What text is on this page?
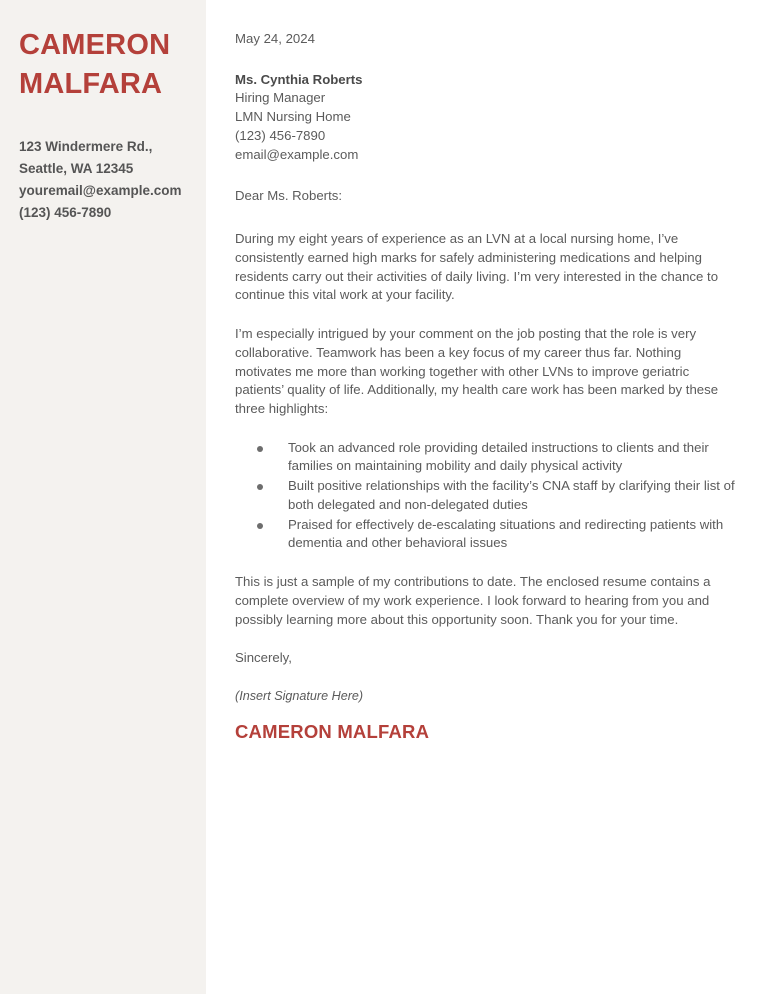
CAMERON
MALFARA
123 Windermere Rd.,
Seattle, WA 12345
youremail@example.com
(123) 456-7890

May 24, 2024

Ms. Cynthia Roberts
Hiring Manager
LMN Nursing Home
(123) 456-7890
email@example.com

Dear Ms. Roberts:

During my eight years of experience as an LVN at a local nursing home, I’ve consistently earned high marks for safely administering medications and helping residents carry out their activities of daily living. I’m very interested in the chance to continue this vital work at your facility.

I’m especially intrigued by your comment on the job posting that the role is very collaborative. Teamwork has been a key focus of my career thus far. Nothing motivates me more than working together with other LVNs to improve geriatric patients’ quality of life. Additionally, my health care work has been marked by these three highlights:

Took an advanced role providing detailed instructions to clients and their families on maintaining mobility and daily physical activity
Built positive relationships with the facility’s CNA staff by clarifying their list of both delegated and non-delegated duties
Praised for effectively de-escalating situations and redirecting patients with dementia and other behavioral issues

This is just a sample of my contributions to date. The enclosed resume contains a complete overview of my work experience. I look forward to hearing from you and possibly learning more about this opportunity soon. Thank you for your time.

Sincerely,

(Insert Signature Here)

CAMERON MALFARA
